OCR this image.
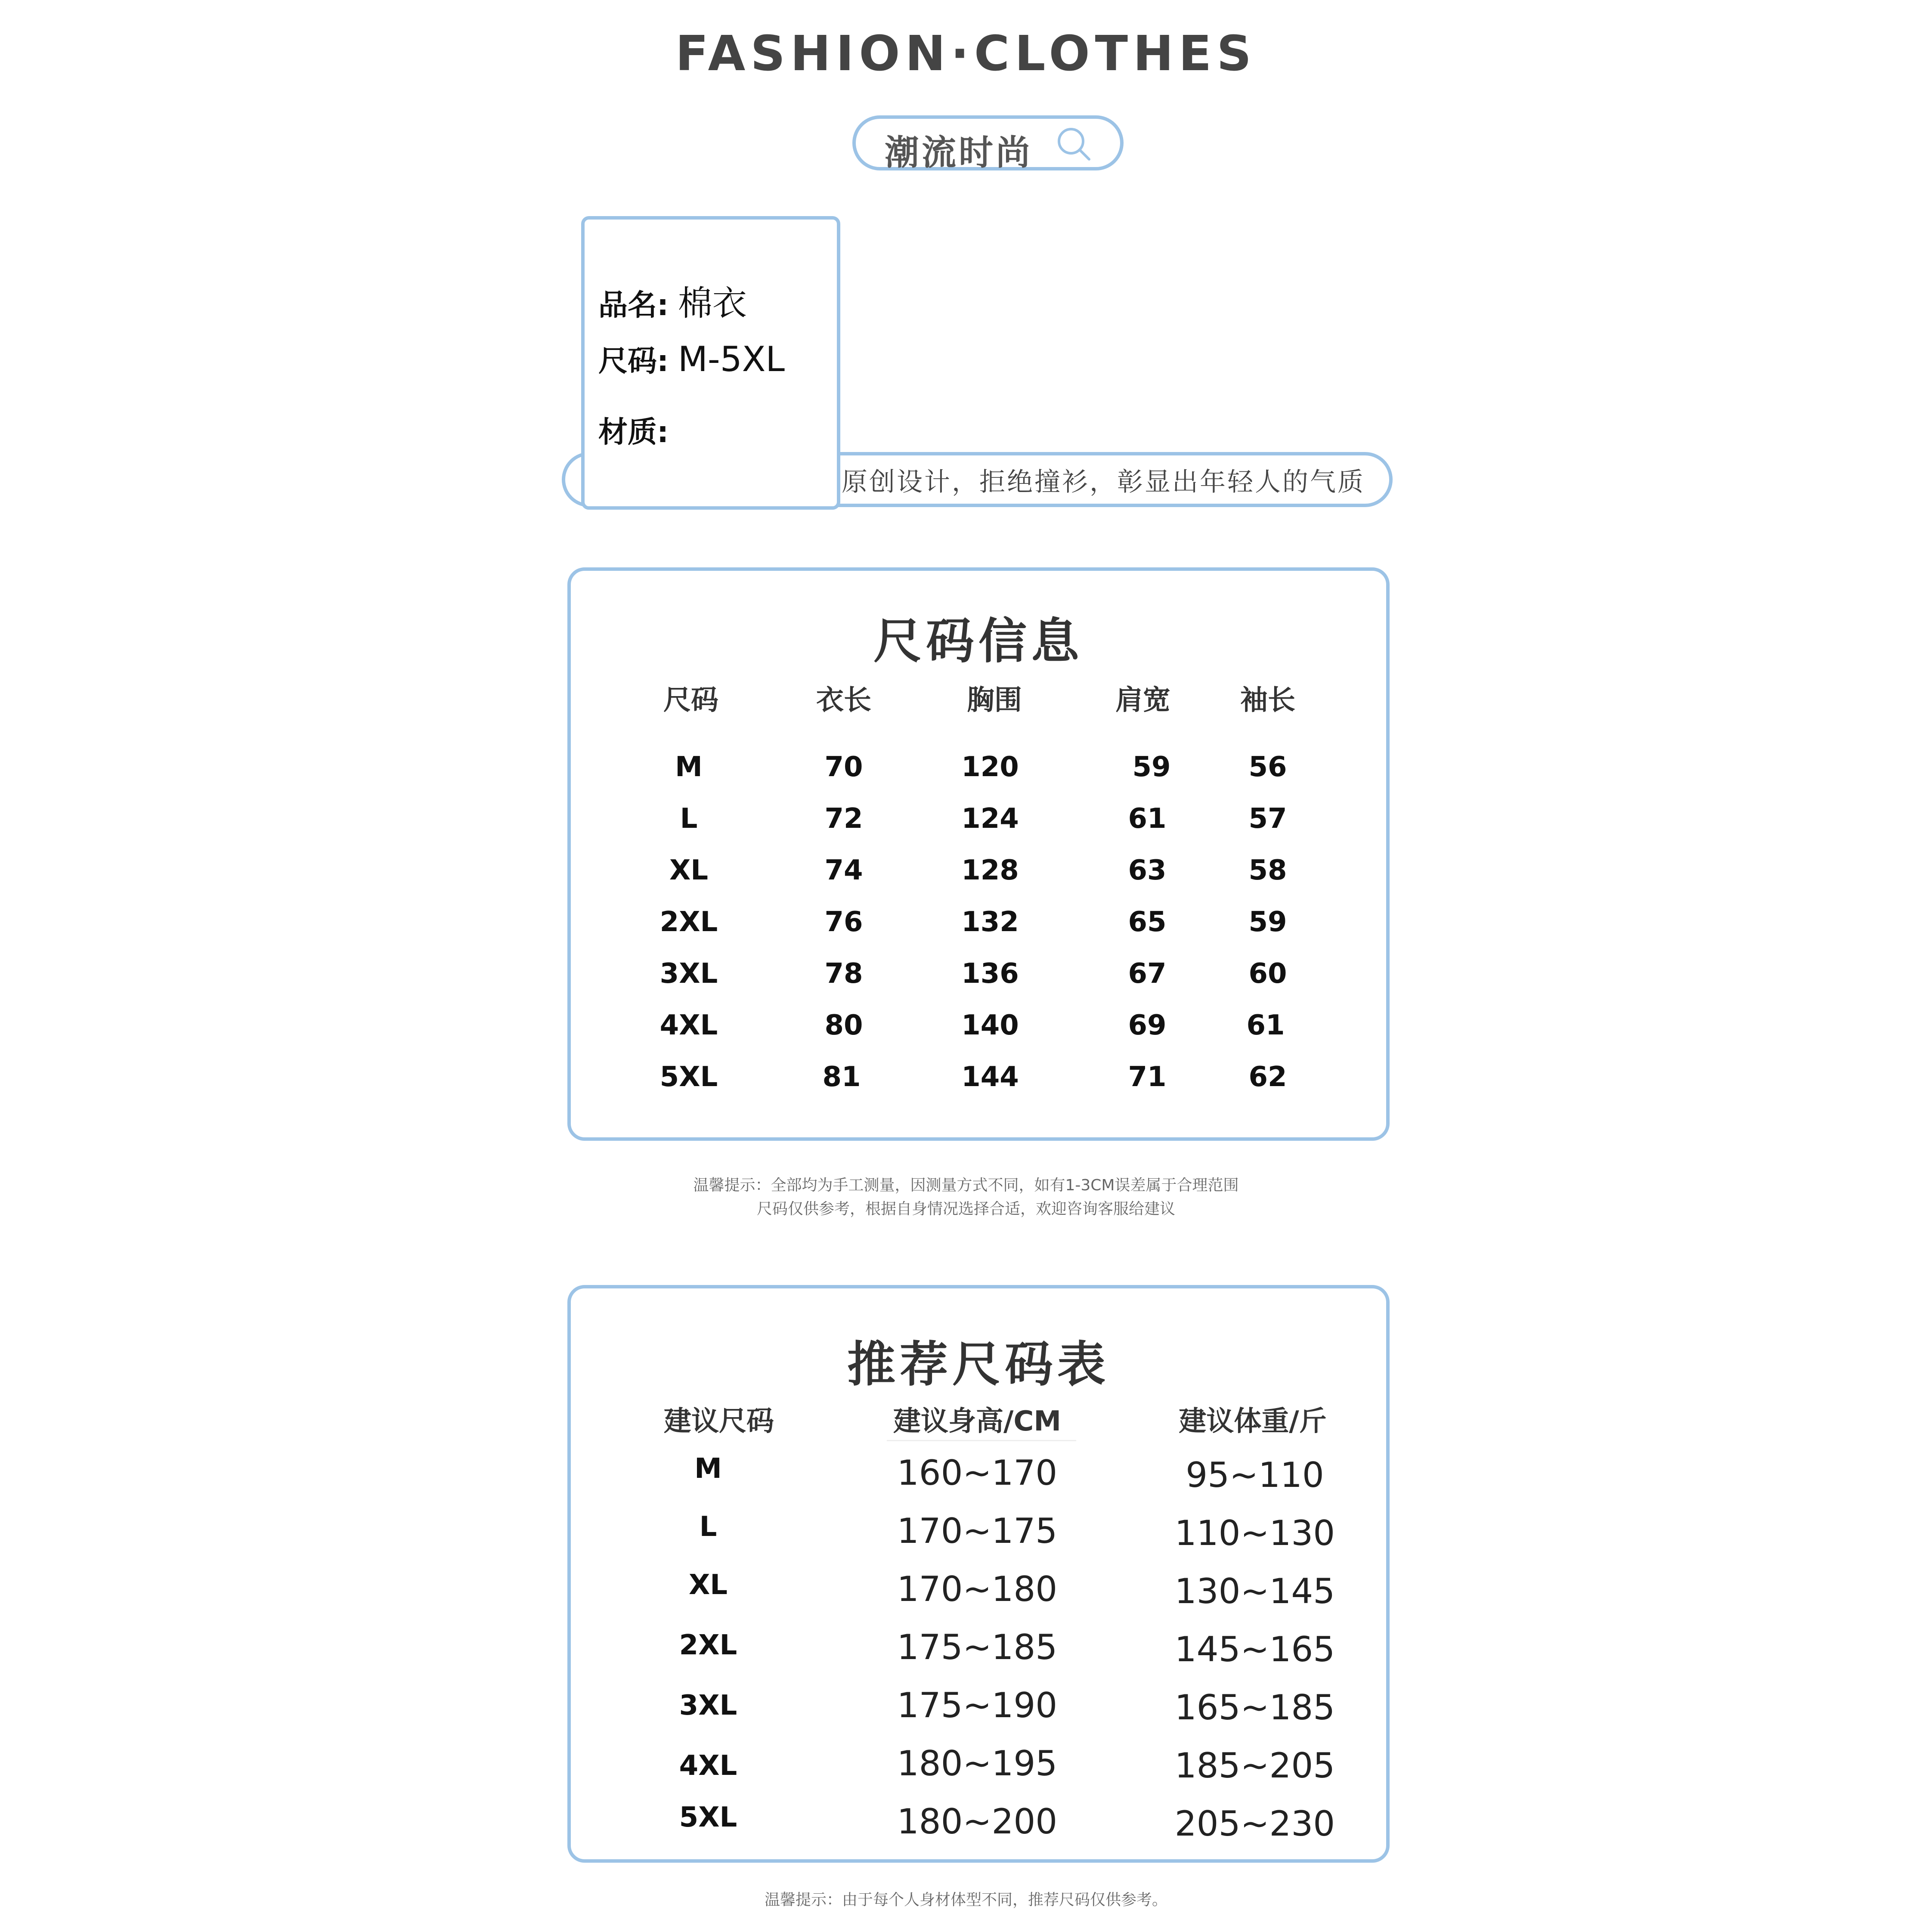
FASHION·CLOTHES
潮流时尚
原创设计，拒绝撞衫，彰显出年轻人的气质
品名: 棉衣
尺码: M-5XL
材质:
尺码信息
尺码	衣长	胸围	肩宽	袖长
M	70	120	59	56
L	72	124	61	57
XL	74	128	63	58
2XL	76	132	65	59
3XL	78	136	67	60
4XL	80	140	69	61
5XL	81	144	71	62
温馨提示：全部均为手工测量，因测量方式不同，如有1-3CM误差属于合理范围
尺码仅供参考，根据自身情况选择合适，欢迎咨询客服给建议
推荐尺码表
建议尺码	建议身高/CM	建议体重/斤
M	160~170	95~110
L	170~175	110~130
XL	170~180	130~145
2XL	175~185	145~165
3XL	175~190	165~185
4XL	180~195	185~205
5XL	180~200	205~230
温馨提示：由于每个人身材体型不同，推荐尺码仅供参考。
